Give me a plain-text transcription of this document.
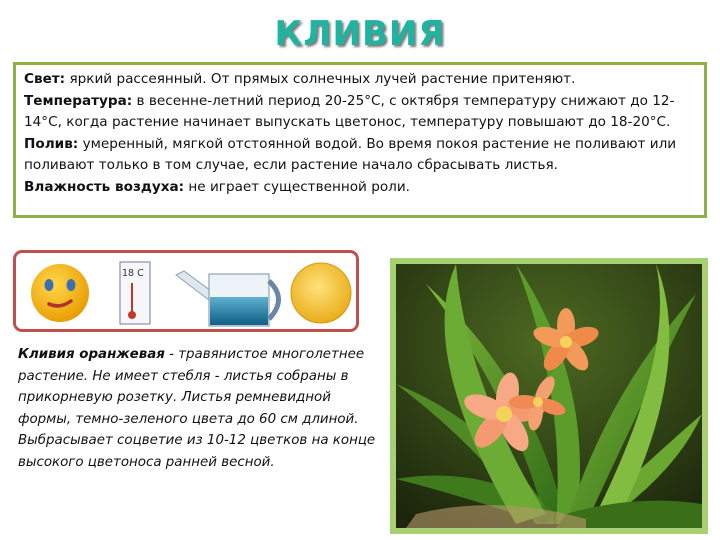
КЛИВИЯ

Свет: яркий рассеянный. От прямых солнечных лучей растение притеняют.

Температура: в весенне-летний период 20-25°С, с октября температуру снижают до 12-14°С, когда растение начинает выпускать цветонос, температуру повышают до 18-20°С.

Полив: умеренный, мягкой отстоянной водой. Во время покоя растение не поливают или поливают только в том случае, если растение начало сбрасывать листья.

Влажность воздуха: не играет существенной роли.

18 С
Кливия оранжевая - травянистое многолетнее растение. Не имеет стебля - листья собраны в прикорневую розетку. Листья ремневидной формы, темно-зеленого цвета до 60 см длиной. Выбрасывает соцветие из 10-12 цветков на конце высокого цветоноса ранней весной.
